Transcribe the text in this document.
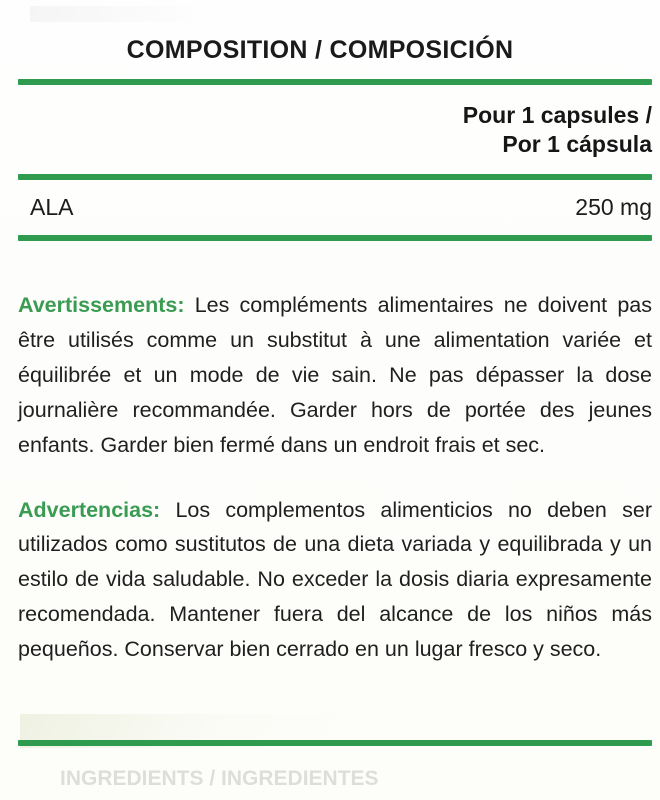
COMPOSITION / COMPOSICIÓN
Pour 1 capsules /
Por 1 cápsula
ALA	250 mg

Avertissements: Les compléments alimentaires ne doivent pas être utilisés comme un substitut à une alimentation variée et équilibrée et un mode de vie sain. Ne pas dépasser la dose journalière recommandée. Garder hors de portée des jeunes enfants. Garder bien fermé dans un endroit frais et sec.

Advertencias: Los complementos alimenticios no deben ser utilizados como sustitutos de una dieta variada y equilibrada y un estilo de vida saludable. No exceder la dosis diaria expresamente recomendada. Mantener fuera del alcance de los niños más pequeños. Conservar bien cerrado en un lugar fresco y seco.

INGREDIENTS / INGREDIENTES
